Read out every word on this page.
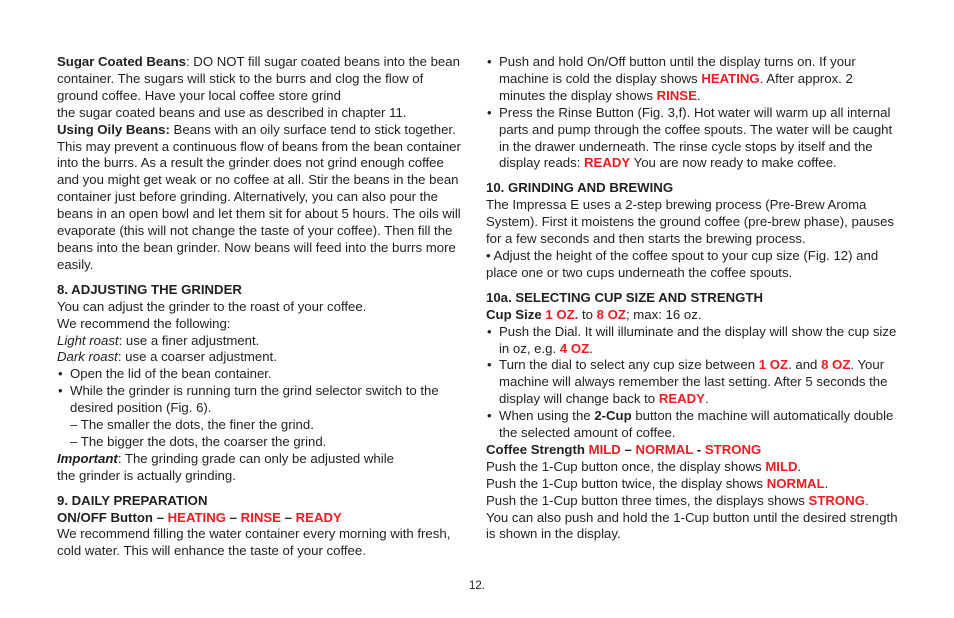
Sugar Coated Beans: DO NOT fill sugar coated beans into the bean container. The sugars will stick to the burrs and clog the flow of ground coffee. Have your local coffee store grind
the sugar coated beans and use as described in chapter 11.

Using Oily Beans: Beans with an oily surface tend to stick together. This may prevent a continuous flow of beans from the bean container into the burrs. As a result the grinder does not grind enough coffee and you might get weak or no coffee at all. Stir the beans in the bean container just before grinding. Alternatively, you can also pour the beans in an open bowl and let them sit for about 5 hours. The oils will evaporate (this will not change the taste of your coffee). Then fill the beans into the bean grinder. Now beans will feed into the burrs more easily.

8. ADJUSTING THE GRINDER

You can adjust the grinder to the roast of your coffee.

We recommend the following:

Light roast: use a finer adjustment.

Dark roast: use a coarser adjustment.

• Open the lid of the bean container.

• While the grinder is running turn the grind selector switch to the desired position (Fig. 6).

– The smaller the dots, the finer the grind.

– The bigger the dots, the coarser the grind.

Important: The grinding grade can only be adjusted while
the grinder is actually grinding.

9. DAILY PREPARATION

ON/OFF Button – HEATING – RINSE – READY

We recommend filling the water container every morning with fresh, cold water. This will enhance the taste of your coffee.

• Push and hold On/Off button until the display turns on. If your machine is cold the display shows HEATING. After approx. 2 minutes the display shows RINSE.

• Press the Rinse Button (Fig. 3,f). Hot water will warm up all internal parts and pump through the coffee spouts. The water will be caught in the drawer underneath. The rinse cycle stops by itself and the display reads: READY You are now ready to make coffee.

10. GRINDING AND BREWING

The Impressa E uses a 2-step brewing process (Pre-Brew Aroma System). First it moistens the ground coffee (pre-brew phase), pauses for a few seconds and then starts the brewing process.

• Adjust the height of the coffee spout to your cup size (Fig. 12) and place one or two cups underneath the coffee spouts.

10a. SELECTING CUP SIZE AND STRENGTH

Cup Size 1 OZ. to 8 OZ; max: 16 oz.

• Push the Dial. It will illuminate and the display will show the cup size in oz, e.g. 4 OZ.

• Turn the dial to select any cup size between 1 OZ. and 8 OZ. Your machine will always remember the last setting. After 5 seconds the display will change back to READY.

• When using the 2-Cup button the machine will automatically double the selected amount of coffee.

Coffee Strength MILD – NORMAL - STRONG

Push the 1-Cup button once, the display shows MILD.

Push the 1-Cup button twice, the display shows NORMAL.

Push the 1-Cup button three times, the displays shows STRONG.

You can also push and hold the 1-Cup button until the desired strength is shown in the display.

12.
